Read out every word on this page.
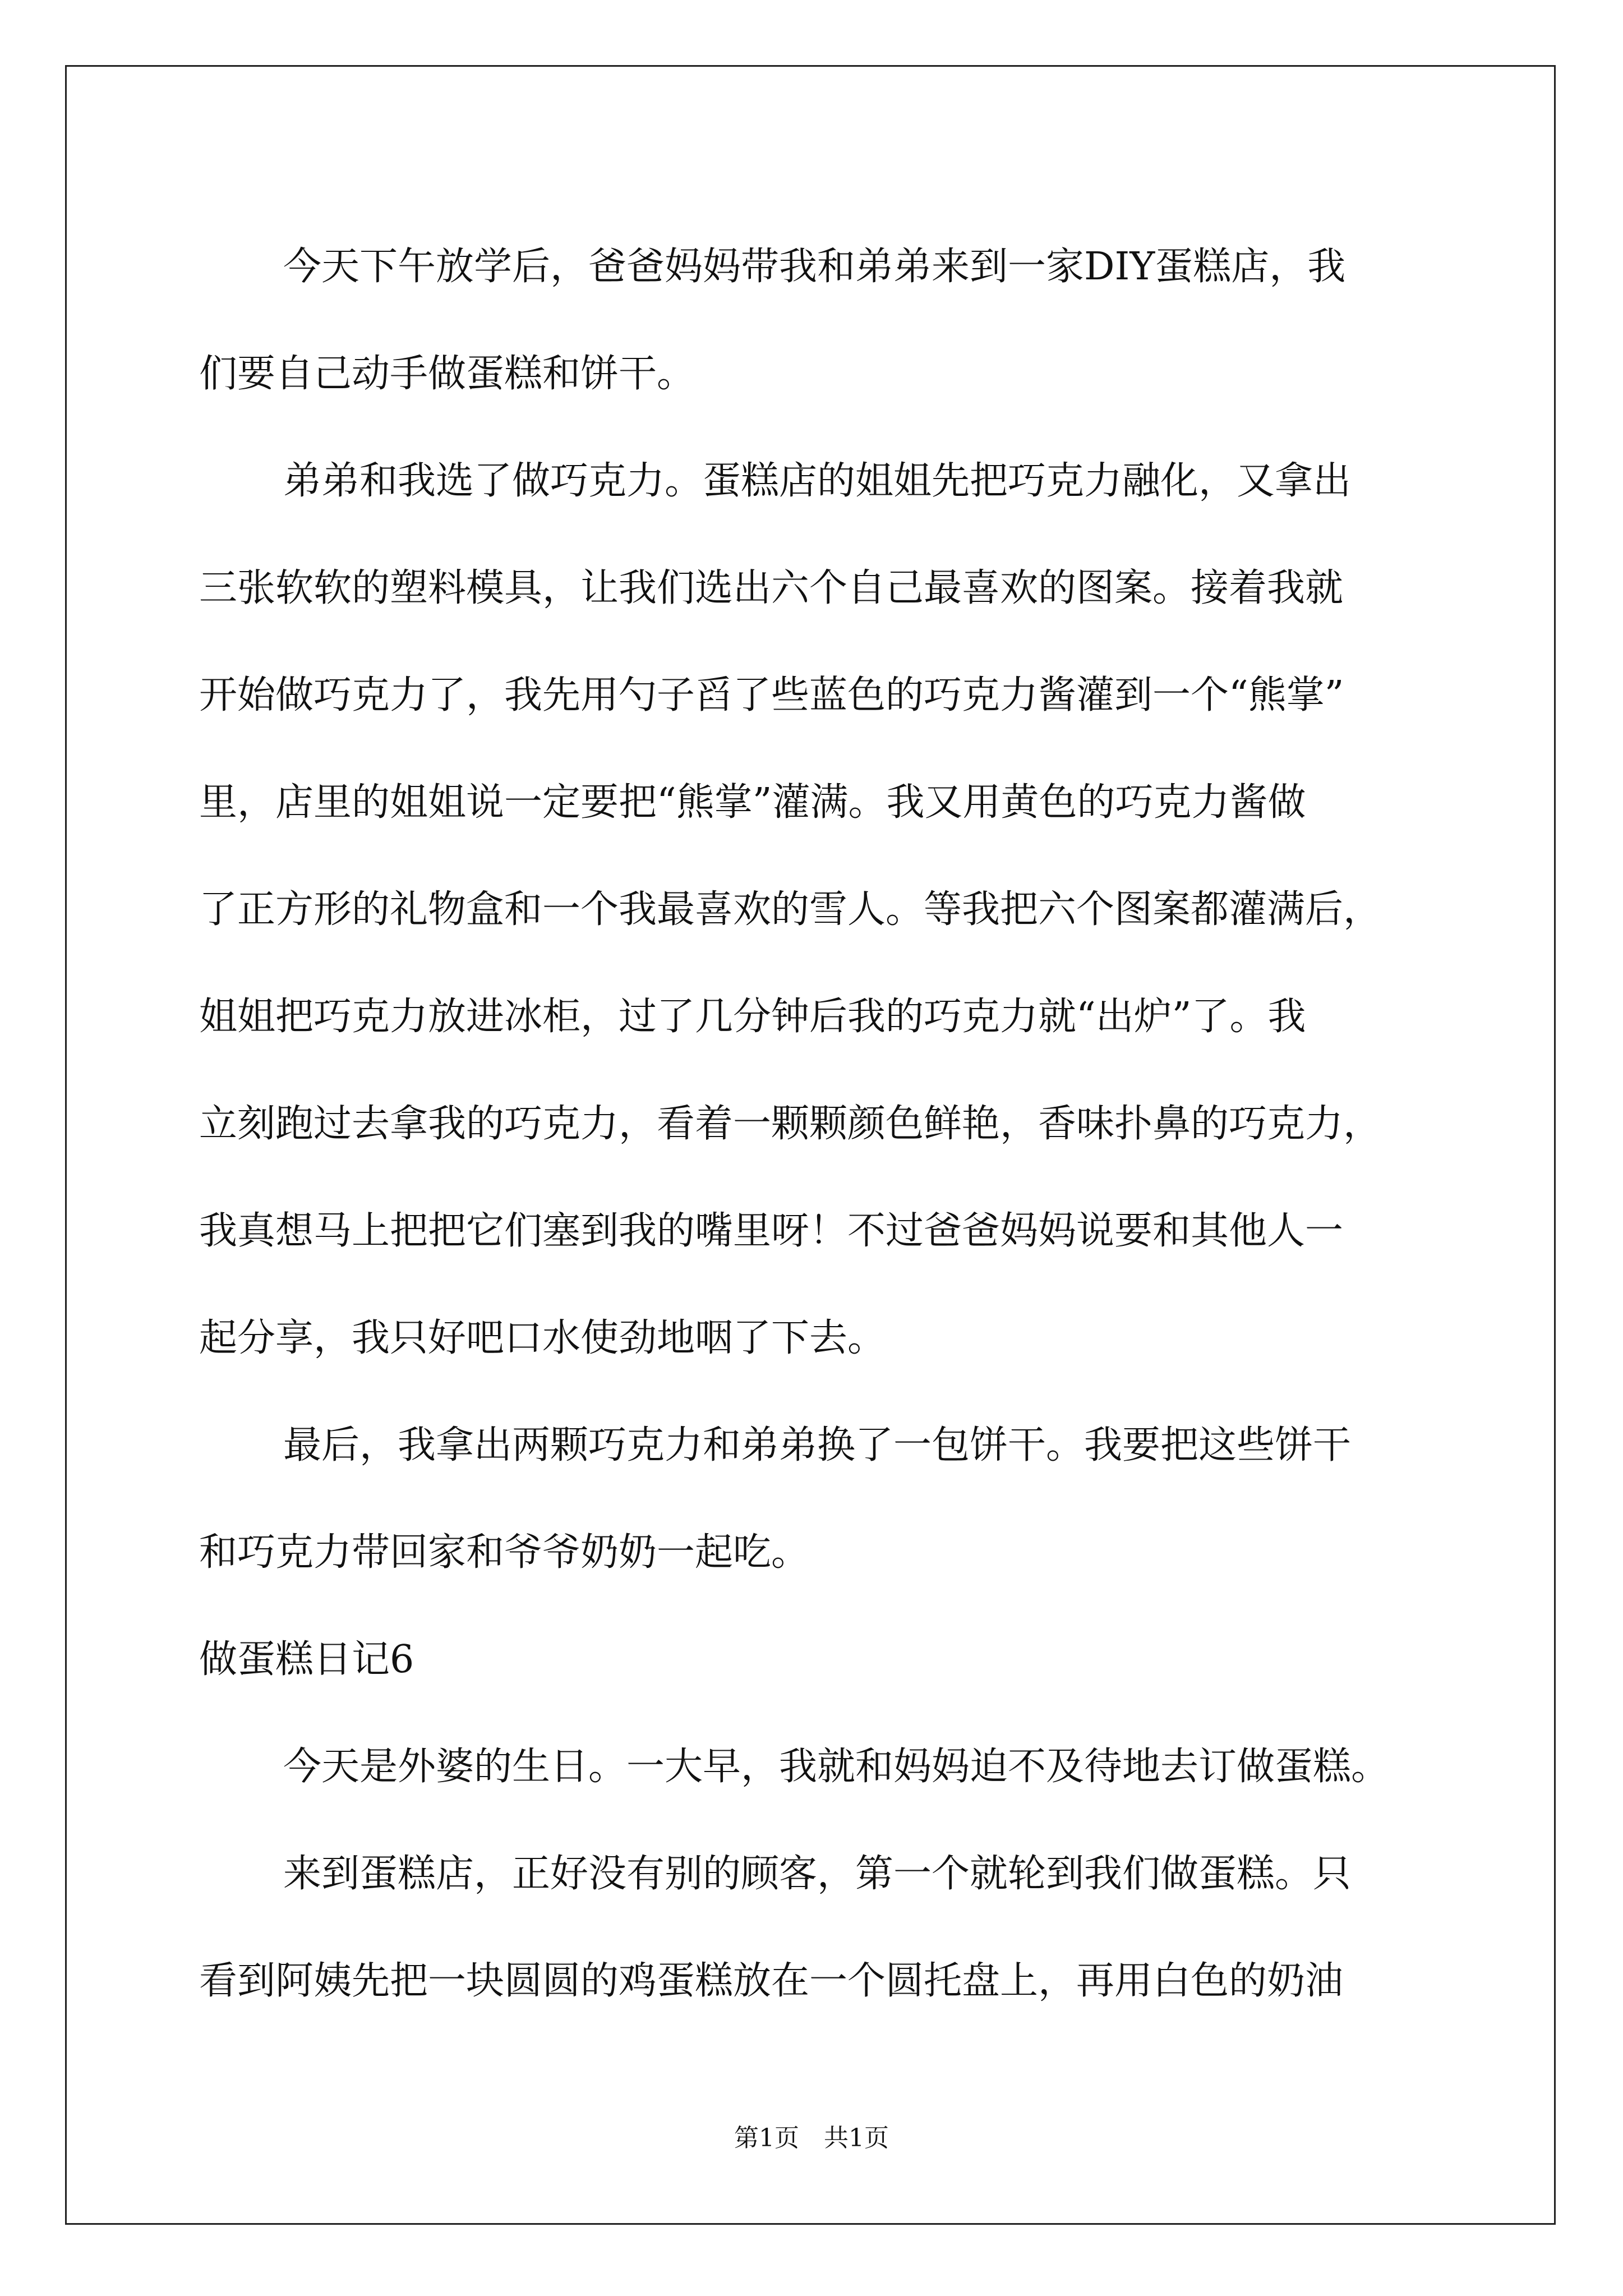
今天下午放学后，爸爸妈妈带我和弟弟来到一家DIY蛋糕店，我

们要自己动手做蛋糕和饼干。

弟弟和我选了做巧克力。蛋糕店的姐姐先把巧克力融化，又拿出

三张软软的塑料模具，让我们选出六个自己最喜欢的图案。接着我就

开始做巧克力了，我先用勺子舀了些蓝色的巧克力酱灌到一个“熊掌”

里，店里的姐姐说一定要把“熊掌”灌满。我又用黄色的巧克力酱做

了正方形的礼物盒和一个我最喜欢的雪人。等我把六个图案都灌满后，

姐姐把巧克力放进冰柜，过了几分钟后我的巧克力就“出炉”了。我

立刻跑过去拿我的巧克力，看着一颗颗颜色鲜艳，香味扑鼻的巧克力，

我真想马上把把它们塞到我的嘴里呀！不过爸爸妈妈说要和其他人一

起分享，我只好吧口水使劲地咽了下去。

最后，我拿出两颗巧克力和弟弟换了一包饼干。我要把这些饼干

和巧克力带回家和爷爷奶奶一起吃。

做蛋糕日记6

今天是外婆的生日。一大早，我就和妈妈迫不及待地去订做蛋糕。

来到蛋糕店，正好没有别的顾客，第一个就轮到我们做蛋糕。只

看到阿姨先把一块圆圆的鸡蛋糕放在一个圆托盘上，再用白色的奶油

第1页　共1页
